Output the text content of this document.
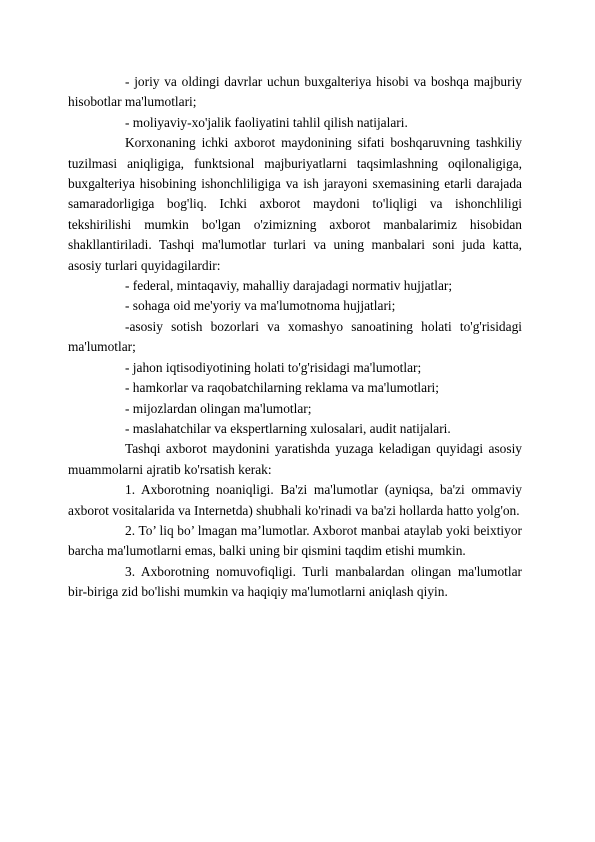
- joriy va oldingi davrlar uchun buxgalteriya hisobi va boshqa majburiy hisobotlar ma'lumotlari;

- moliyaviy-xo'jalik faoliyatini tahlil qilish natijalari.

Korxonaning ichki axborot maydonining sifati boshqaruvning tashkiliy tuzilmasi aniqligiga, funktsional majburiyatlarni taqsimlashning oqilonaligiga, buxgalteriya hisobining ishonchliligiga va ish jarayoni sxemasining etarli darajada samaradorligiga bog'liq. Ichki axborot maydoni to'liqligi va ishonchliligi tekshirilishi mumkin bo'lgan o'zimizning axborot manbalarimiz hisobidan shakllantiriladi. Tashqi ma'lumotlar turlari va uning manbalari soni juda katta, asosiy turlari quyidagilardir:

- federal, mintaqaviy, mahalliy darajadagi normativ hujjatlar;

- sohaga oid me'yoriy va ma'lumotnoma hujjatlari;

-asosiy sotish bozorlari va xomashyo sanoatining holati to'g'risidagi ma'lumotlar;

- jahon iqtisodiyotining holati to'g'risidagi ma'lumotlar;

- hamkorlar va raqobatchilarning reklama va ma'lumotlari;

- mijozlardan olingan ma'lumotlar;

- maslahatchilar va ekspertlarning xulosalari, audit natijalari.

Tashqi axborot maydonini yaratishda yuzaga keladigan quyidagi asosiy muammolarni ajratib ko'rsatish kerak:

1. Axborotning noaniqligi. Ba'zi ma'lumotlar (ayniqsa, ba'zi ommaviy axborot vositalarida va Internetda) shubhali ko'rinadi va ba'zi hollarda hatto yolg'on.

2. To’ liq bo’ lmagan ma’lumotlar. Axborot manbai ataylab yoki beixtiyor barcha ma'lumotlarni emas, balki uning bir qismini taqdim etishi mumkin.

3. Axborotning nomuvofiqligi. Turli manbalardan olingan ma'lumotlar bir-biriga zid bo'lishi mumkin va haqiqiy ma'lumotlarni aniqlash qiyin.
